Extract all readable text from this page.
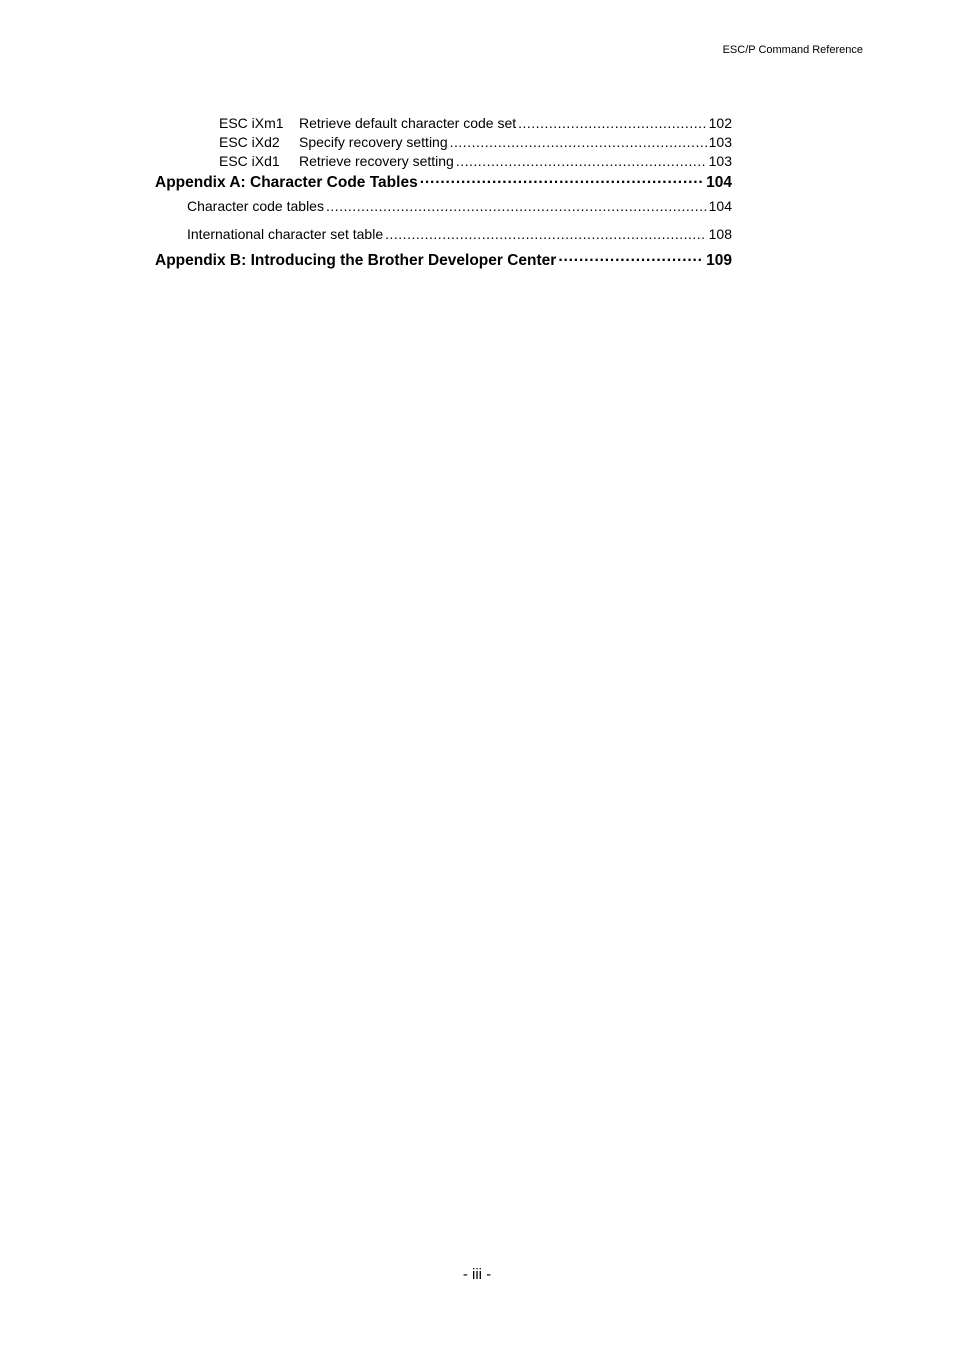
ESC/P Command Reference
ESC iXm1	Retrieve default character code set .....	102
ESC iXd2	Specify recovery setting .....	103
ESC iXd1	Retrieve recovery setting .....	103
Appendix A: Character Code Tables ·····	104
Character code tables .....	104
International character set table .....	108
Appendix B: Introducing the Brother Developer Center ·····	109
- iii -
